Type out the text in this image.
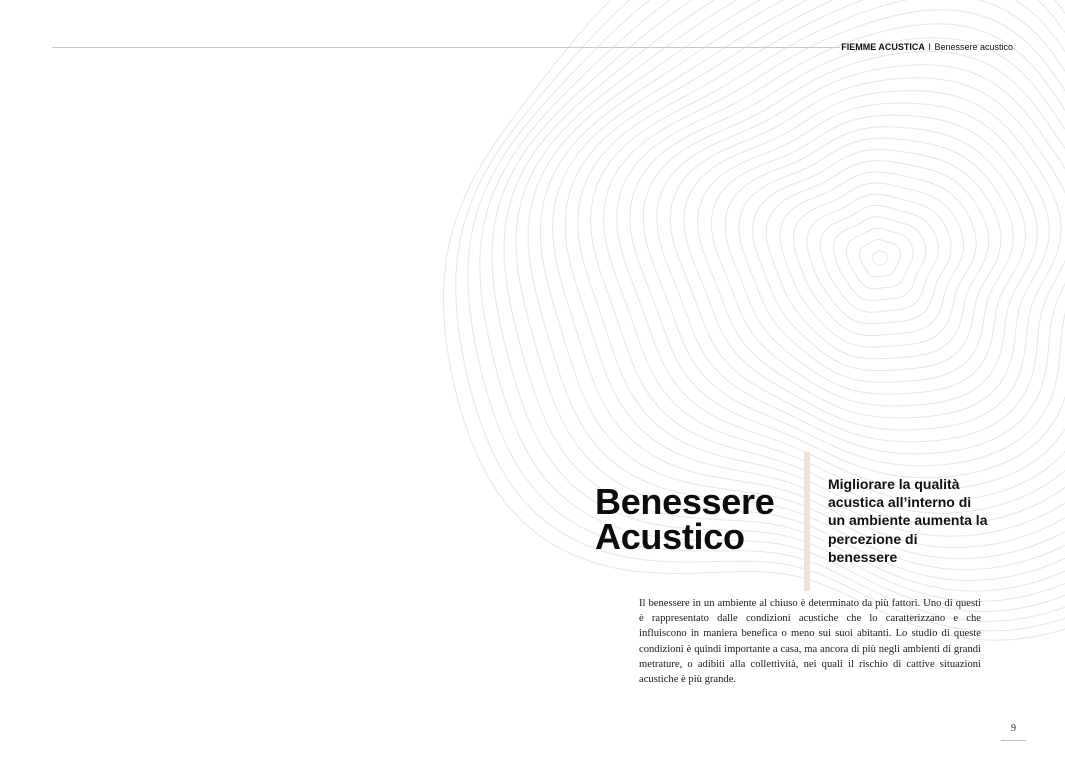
FIEMME ACUSTICA I Benessere acustico
Benessere
Acustico

Migliorare la qualità acustica all’interno di un ambiente aumenta la percezione di benessere

Il benessere in un ambiente al chiuso è determinato da più fattori. Uno di questi è rappresentato dalle condizioni acustiche che lo caratterizzano e che influiscono in maniera benefica o meno sui suoi abitanti. Lo studio di queste condizioni è quindi importante a casa, ma ancora di più negli ambienti di grandi metrature, o adibiti alla collettività, nei quali il rischio di cattive situazioni acustiche è più grande.

9
